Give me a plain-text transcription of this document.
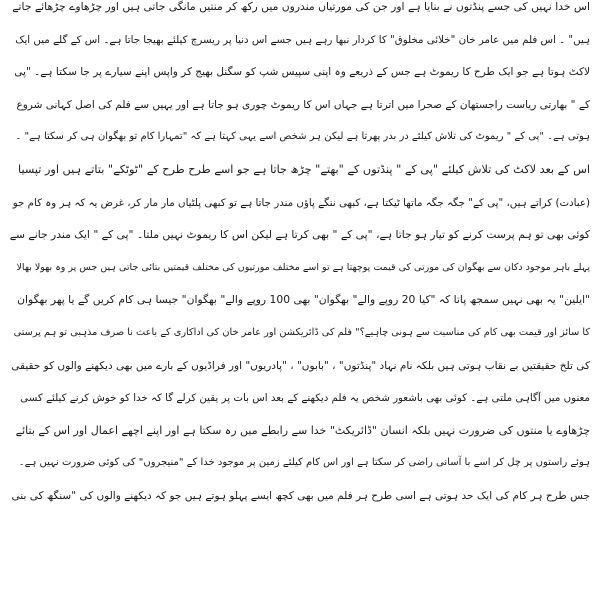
اس خدا نہیں کی جسے پنڈتوں نے بنایا ہے اور جن کی مورتیاں مندروں میں رکھ کر منتیں مانگی جاتی ہیں اور چڑھاوے چڑھائے جاتے
ہیں" ۔ اس فلم میں عامر خان "خلائی مخلوق" کا کردار نبھا رہے ہیں جسے اس دنیا پر ریسرچ کیلئے بھیجا جاتا ہے۔ اس کے گلے میں ایک
لاکٹ ہوتا ہے جو ایک طرح کا ریموٹ ہے جس کے ذریعے وہ اپنی سپیس شپ کو سگنل بھیج کر واپس اپنے سیارے پر جا سکتا ہے۔ "پی
کے " بھارتی ریاست راجستھان کے صحرا میں اترتا ہے جہاں اس کا ریموٹ چوری ہو جاتا ہے اور یہیں سے فلم کی اصل کہانی شروع
ہوتی ہے۔ "پی کے " ریموٹ کی تلاش کیلئے در بدر پھرتا ہے لیکن ہر شخص اسے یہی کہتا ہے کہ "تمہارا کام تو بھگوان ہی کر سکتا ہے" ۔
اس کے بعد لاکٹ کی تلاش کیلئے "پی کے " پنڈتوں کے "بھتے" چڑھ جاتا ہے جو اسے طرح طرح کے "ٹوٹکے" بتاتے ہیں اور تپسیا
(عبادت) کراتے ہیں، "پی کے" جگہ جگہ ماتھا ٹیکتا ہے، کبھی ننگے پاؤں مندر جاتا ہے تو کبھی پلٹیاں مار مار کر، غرض یہ کہ ہر وہ کام جو
کوئی بھی تو ہم پرست کرنے کو تیار ہو جاتا ہے، "پی کے " بھی کرتا ہے لیکن اس کا ریموٹ نہیں ملتا۔ "پی کے " ایک مندر جانے سے
پہلے باہر موجود دکان سے بھگوان کی مورتی کی قیمت پوچھتا ہے تو اسے مختلف مورتیوں کی مختلف قیمتیں بتائی جاتی ہیں جس پر وہ بھولا بھالا
"ایلین" یہ بھی نہیں سمجھ پاتا کہ "کیا 20 روپے والے" بھگوان" بھی 100 روپے والے" بھگوان" جیسا ہی کام کریں گے یا پھر بھگوان
کا سائز اور قیمت بھی کام کی مناسبت سے ہونی چاہیے؟" فلم کی ڈائریکشن اور عامر خان کی اداکاری کے باعث نا صرف مذہبی تو ہم پرستی
کی تلخ حقیقتیں بے نقاب ہوتی ہیں بلکہ نام نہاد "پنڈتوں" ، "بابوں" ، "پادریوں" اور فراڈیوں کے بارے میں بھی دیکھنے والوں کو حقیقی
معنوں میں آگاہی ملتی ہے۔ کوئی بھی باشعور شخص یہ فلم دیکھنے کے بعد اس بات پر یقین کرلے گا کہ خدا کو خوش کرنے کیلئے کسی
چڑھاوے یا منتوں کی ضرورت نہیں بلکہ انسان "ڈائریکٹ" خدا سے رابطے میں رہ سکتا ہے اور اپنے اچھے اعمال اور اس کے بتائے
ہوئے راستوں پر چل کر اسے با آسانی راضی کر سکتا ہے اور اس کام کیلئے زمین پر موجود خدا کے "منیجروں" کی کوئی ضرورت نہیں ہے۔
جس طرح ہر کام کی ایک حد ہوتی ہے اسی طرح ہر فلم میں بھی کچھ ایسے پہلو ہوتے ہیں جو کہ دیکھنے والوں کی "سنگھ کی بنی
